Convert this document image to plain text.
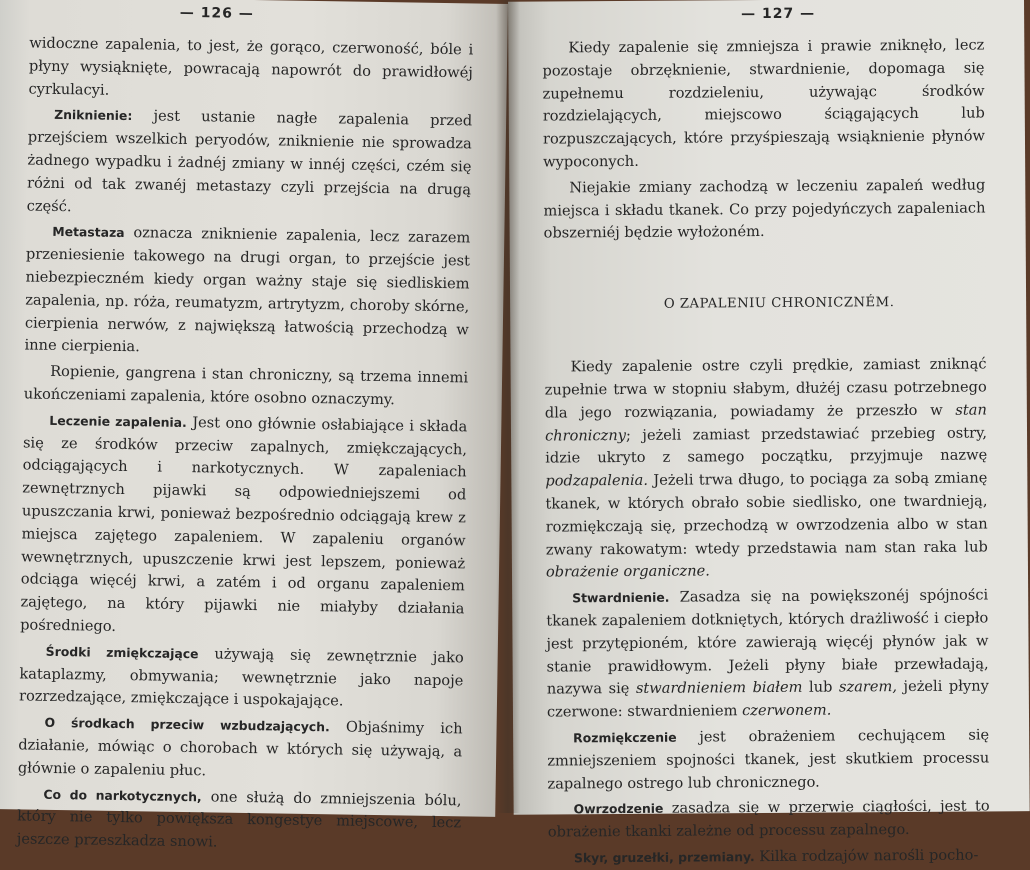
— 126 —

widoczne zapalenia, to jest, że gorąco, czerwoność, bóle i płyny wysiąknięte, powracają napowrót do prawidłowéj cyrkulacyi.

Zniknienie: jest ustanie nagłe zapalenia przed przejściem wszelkich peryodów, zniknienie nie sprowadza żadnego wypadku i żadnéj zmiany w innéj części, czém się różni od tak zwanéj metastazy czyli przejścia na drugą część.

Metastaza oznacza zniknienie zapalenia, lecz zarazem przeniesienie takowego na drugi organ, to przejście jest niebezpieczném kiedy organ ważny staje się siedliskiem zapalenia, np. róża, reumatyzm, artrytyzm, choroby skórne, cierpienia nerwów, z największą łatwością przechodzą w inne cierpienia.

Ropienie, gangrena i stan chroniczny, są trzema innemi ukończeniami zapalenia, które osobno oznaczymy.

Leczenie zapalenia. Jest ono głównie osłabiające i składa się ze środków przeciw zapalnych, zmiękczających, odciągających i narkotycznych. W zapaleniach zewnętrznych pijawki są odpowiedniejszemi od upuszczania krwi, ponieważ bezpośrednio odciągają krew z miejsca zajętego zapaleniem. W zapaleniu organów wewnętrznych, upuszczenie krwi jest lepszem, ponieważ odciąga więcéj krwi, a zatém i od organu zapaleniem zajętego, na który pijawki nie miałyby działania pośredniego.

Środki zmiękczające używają się zewnętrznie jako kataplazmy, obmywania; wewnętrznie jako napoje rozrzedzające, zmiękczające i uspokajające.

O środkach przeciw wzbudzających. Objaśnimy ich działanie, mówiąc o chorobach w których się używają, a głównie o zapaleniu płuc.

Co do narkotycznych, one służą do zmniejszenia bólu, który nie tylko powiększa kongestye miejscowe, lecz jeszcze przeszkadza snowi.

— 127 —

Kiedy zapalenie się zmniejsza i prawie zniknęło, lecz pozostaje obrzęknienie, stwardnienie, dopomaga się zupełnemu rozdzieleniu, używając środków rozdzielających, miejscowo ściągających lub rozpuszczających, które przyśpieszają wsiąknienie płynów wypoconych.

Niejakie zmiany zachodzą w leczeniu zapaleń według miejsca i składu tkanek. Co przy pojedyńczych zapaleniach obszerniéj będzie wyłożoném.

O ZAPALENIU CHRONICZNÉM.

Kiedy zapalenie ostre czyli prędkie, zamiast zniknąć zupełnie trwa w stopniu słabym, dłużéj czasu potrzebnego dla jego rozwiązania, powiadamy że przeszło w stan chroniczny; jeżeli zamiast przedstawiać przebieg ostry, idzie ukryto z samego początku, przyjmuje nazwę podzapalenia. Jeżeli trwa długo, to pociąga za sobą zmianę tkanek, w których obrało sobie siedlisko, one twardnieją, rozmiękczają się, przechodzą w owrzodzenia albo w stan zwany rakowatym: wtedy przedstawia nam stan raka lub obrażenie organiczne.

Stwardnienie. Zasadza się na powiększonéj spójności tkanek zapaleniem dotkniętych, których drażliwość i ciepło jest przytępioném, które zawierają więcéj płynów jak w stanie prawidłowym. Jeżeli płyny białe przewładają, nazywa się stwardnieniem białem lub szarem, jeżeli płyny czerwone: stwardnieniem czerwonem.

Rozmiękczenie jest obrażeniem cechującem się zmniejszeniem spojności tkanek, jest skutkiem processu zapalnego ostrego lub chronicznego.

Owrzodzenie zasadza się w przerwie ciągłości, jest to obrażenie tkanki zależne od processu zapalnego.

Skyr, gruzełki, przemiany. Kilka rodzajów narośli pocho-
